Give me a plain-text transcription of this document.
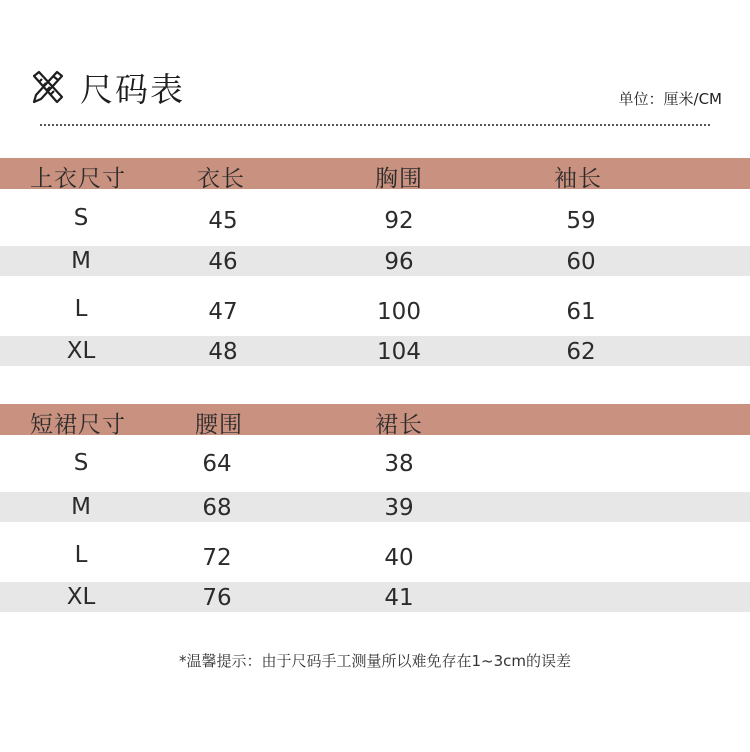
尺码表	单位：厘米/CM
上衣尺寸	衣长	胸围	袖长
S	45	92	59
M	46	96	60
L	47	100	61
XL	48	104	62
短裙尺寸	腰围	裙长
S	64	38
M	68	39
L	72	40
XL	76	41
*温馨提示：由于尺码手工测量所以难免存在1~3cm的误差
